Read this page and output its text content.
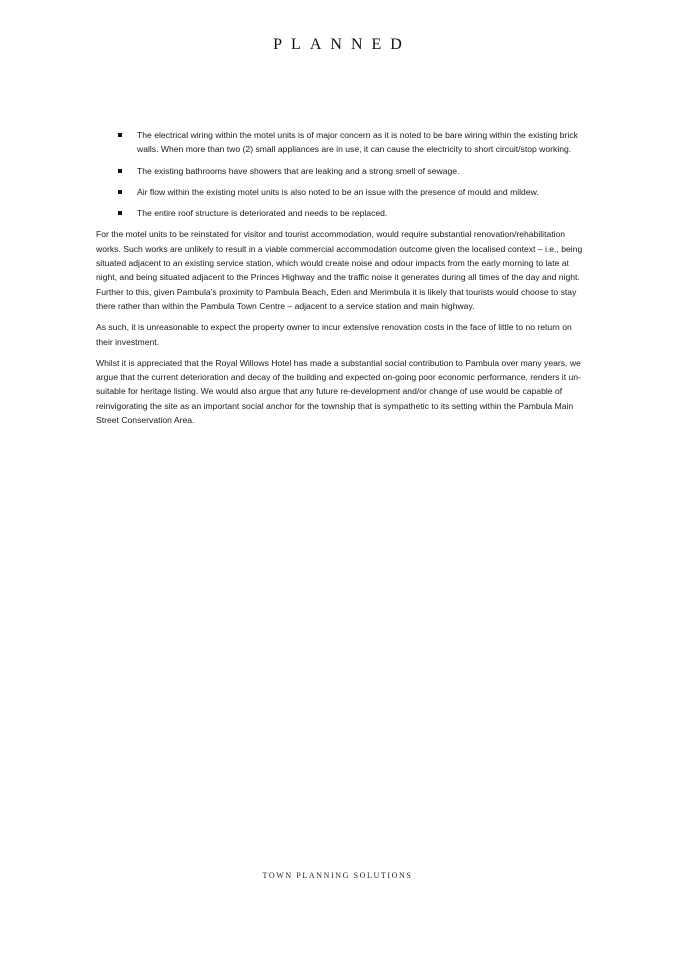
PLANNED
The electrical wiring within the motel units is of major concern as it is noted to be bare wiring within the existing brick walls. When more than two (2) small appliances are in use, it can cause the electricity to short circuit/stop working.
The existing bathrooms have showers that are leaking and a strong smell of sewage.
Air flow within the existing motel units is also noted to be an issue with the presence of mould and mildew.
The entire roof structure is deteriorated and needs to be replaced.

For the motel units to be reinstated for visitor and tourist accommodation, would require substantial renovation/rehabilitation works. Such works are unlikely to result in a viable commercial accommodation outcome given the localised context – i.e., being situated adjacent to an existing service station, which would create noise and odour impacts from the early morning to late at night, and being situated adjacent to the Princes Highway and the traffic noise it generates during all times of the day and night. Further to this, given Pambula’s proximity to Pambula Beach, Eden and Merimbula it is likely that tourists would choose to stay there rather than within the Pambula Town Centre – adjacent to a service station and main highway.

As such, it is unreasonable to expect the property owner to incur extensive renovation costs in the face of little to no return on their investment.

Whilst it is appreciated that the Royal Willows Hotel has made a substantial social contribution to Pambula over many years, we argue that the current deterioration and decay of the building and expected on-going poor economic performance, renders it un-suitable for heritage listing. We would also argue that any future re-development and/or change of use would be capable of reinvigorating the site as an important social anchor for the township that is sympathetic to its setting within the Pambula Main Street Conservation Area.

TOWN PLANNING SOLUTIONS
